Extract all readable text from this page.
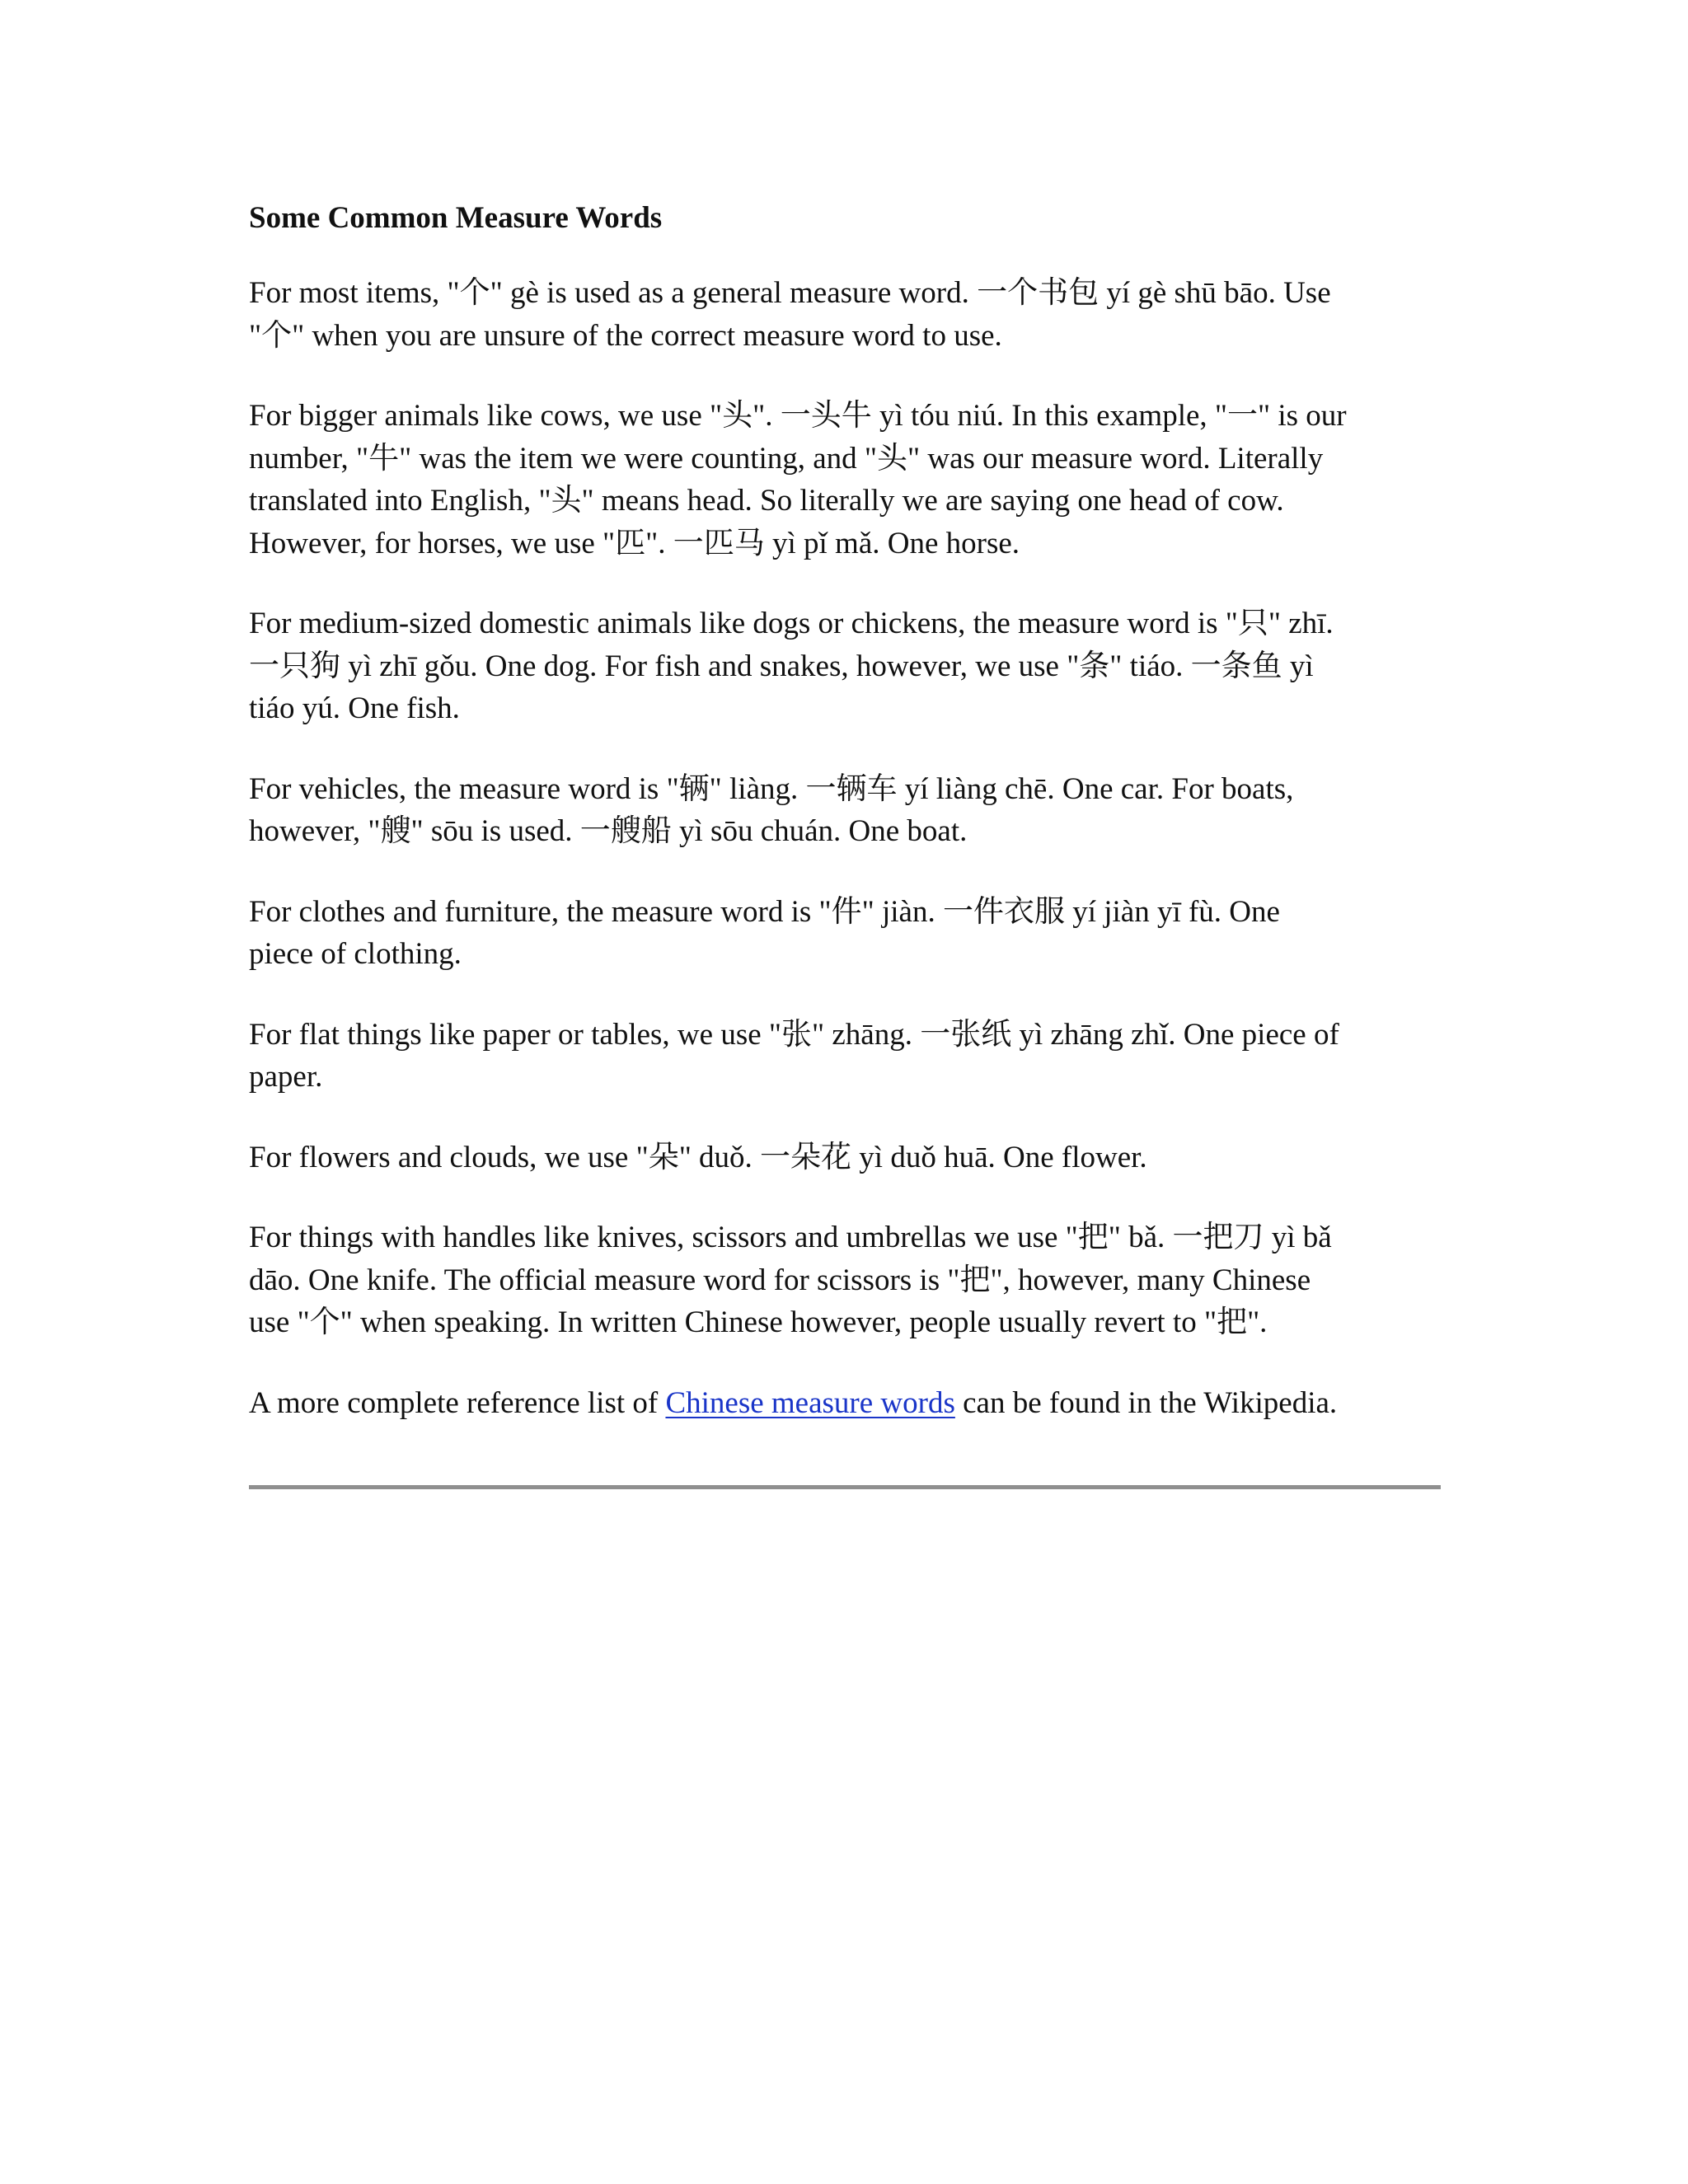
Some Common Measure Words
For most items, "个" gè is used as a general measure word. 一个书包 yí gè shū bāo. Use
"个" when you are unsure of the correct measure word to use.
For bigger animals like cows, we use "头". 一头牛 yì tóu niú. In this example, "一" is our
number, "牛" was the item we were counting, and "头" was our measure word. Literally
translated into English, "头" means head. So literally we are saying one head of cow.
However, for horses, we use "匹". 一匹马 yì pǐ mǎ. One horse.
For medium-sized domestic animals like dogs or chickens, the measure word is "只" zhī.
一只狗 yì zhī gǒu. One dog. For fish and snakes, however, we use "条" tiáo. 一条鱼 yì
tiáo yú. One fish.
For vehicles, the measure word is "辆" liàng. 一辆车 yí liàng chē. One car. For boats,
however, "艘" sōu is used. 一艘船 yì sōu chuán. One boat.
For clothes and furniture, the measure word is "件" jiàn. 一件衣服 yí jiàn yī fù. One
piece of clothing.
For flat things like paper or tables, we use "张" zhāng. 一张纸 yì zhāng zhǐ. One piece of
paper.
For flowers and clouds, we use "朵" duǒ. 一朵花 yì duǒ huā. One flower.
For things with handles like knives, scissors and umbrellas we use "把" bǎ. 一把刀 yì bǎ
dāo. One knife. The official measure word for scissors is "把", however, many Chinese
use "个" when speaking. In written Chinese however, people usually revert to "把".
A more complete reference list of Chinese measure words can be found in the Wikipedia.
